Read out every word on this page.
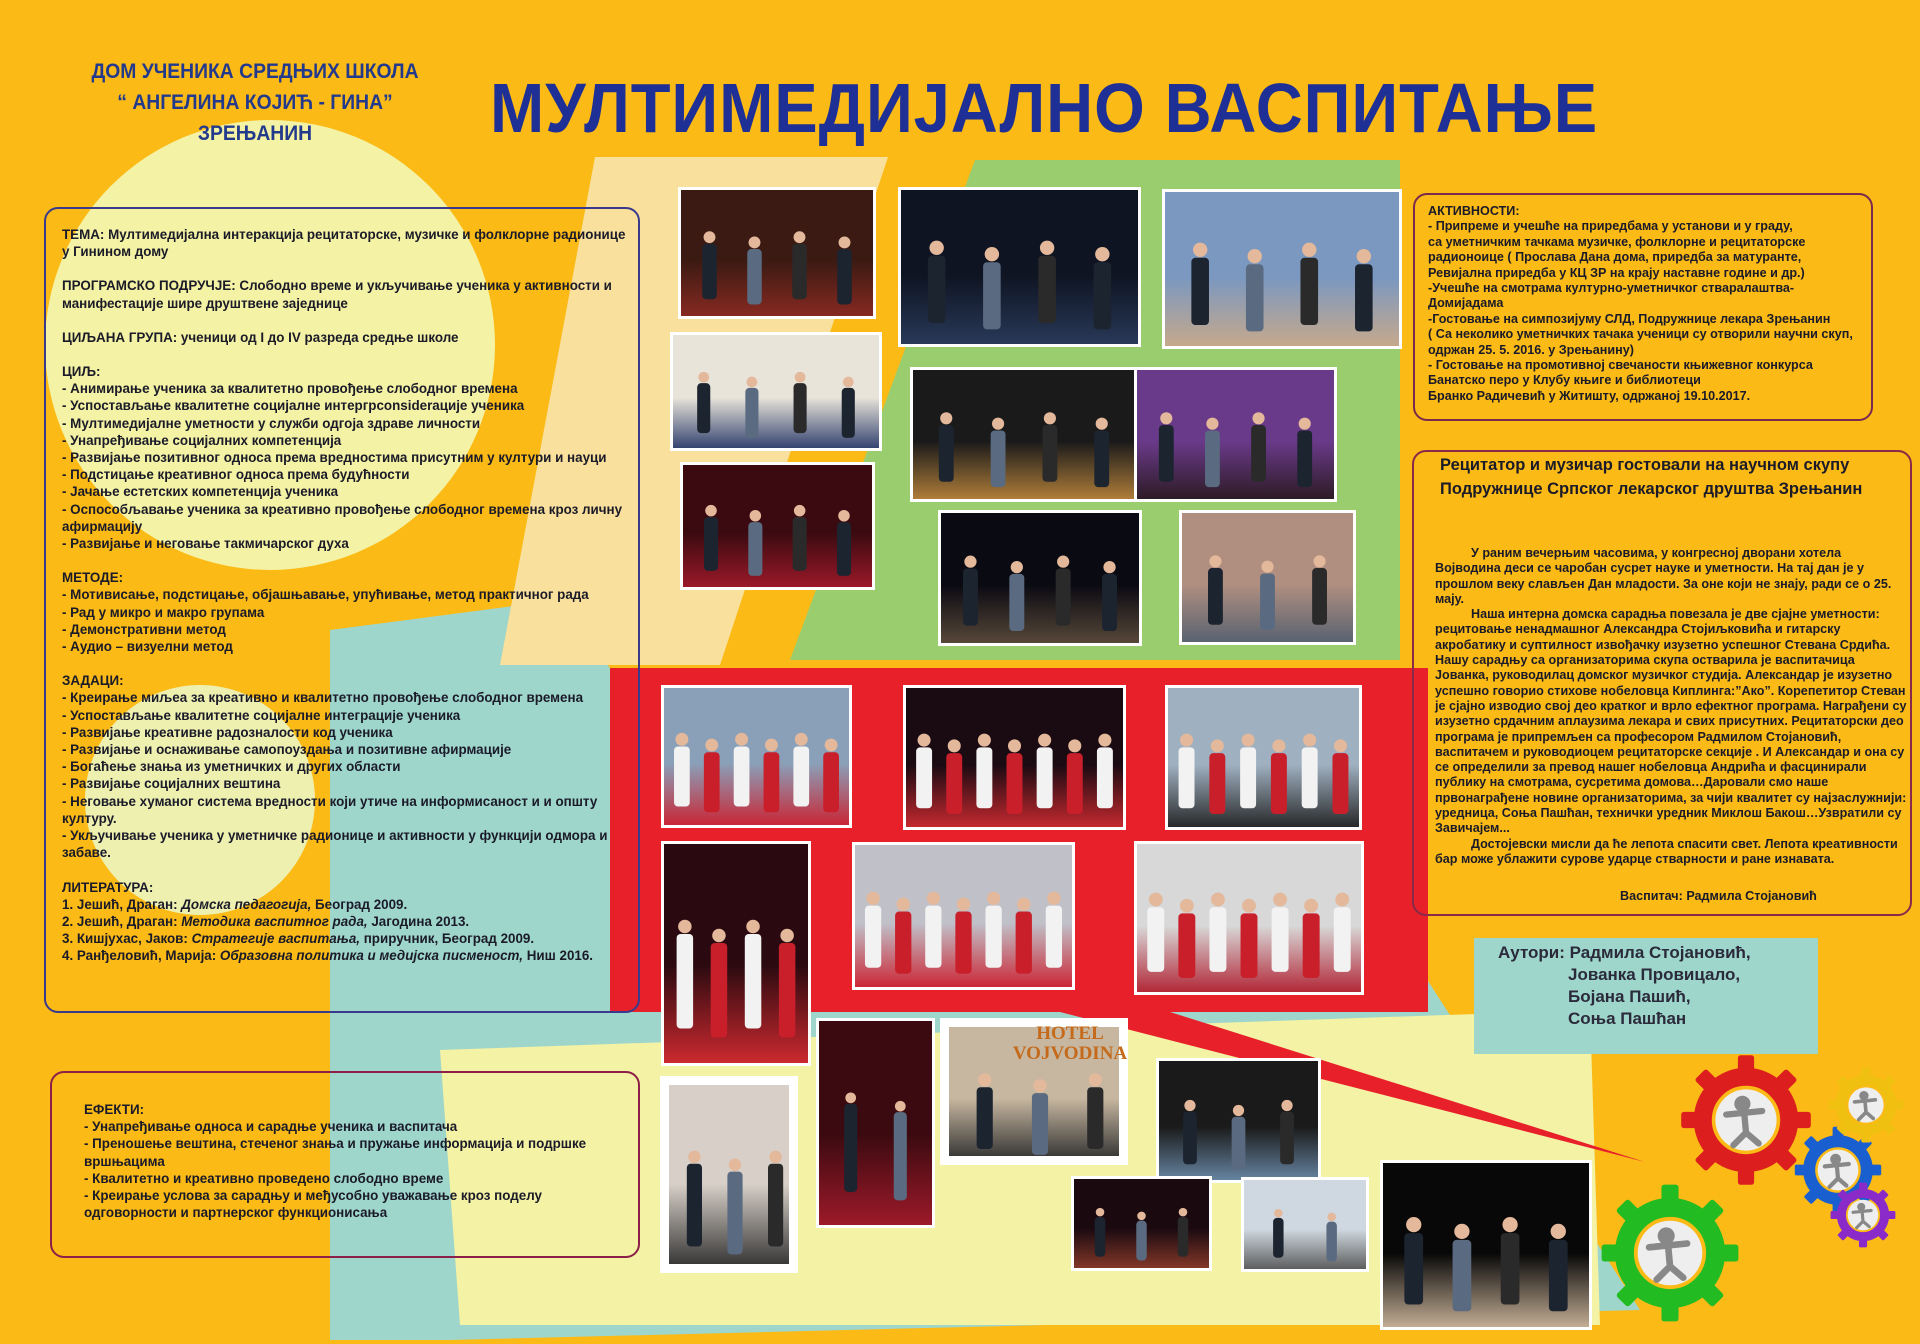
ДОМ УЧЕНИКА СРЕДЊИХ ШКОЛА
“ АНГЕЛИНА КОЈИЋ - ГИНА”
ЗРЕЊАНИН	МУЛТИМЕДИЈАЛНО ВАСПИТАЊЕ

ТЕМА: Мултимедијална интеракција рецитаторске, музичке и фолклорне радионице у Гинином дому

ПРОГРАМСКО ПОДРУЧЈЕ: Слободно време и укључивање ученика у активности и манифестације шире друштвене заједнице

ЦИЉАНА ГРУПА: ученици од I до IV разреда средње школе

ЦИЉ:

- Анимирање ученика за квалитетно провођење слободног времена

- Успостављање квалитетне социјалне интергрconsiderације ученика

- Мултимедијалне уметности у служби одгоја здраве личности

- Унапређивање социјалних компетенција

- Развијање позитивног односа према вредностима присутним у култури и науци

- Подстицање креативног односа према будућности

- Јачање естетских компетенција ученика

- Оспособљавање ученика за креативно провођење слободног времена кроз личну афирмацију

- Развијање и неговање такмичарског духа

МЕТОДЕ:

- Мотивисање, подстицање, објашњавање, упућивање, метод практичног рада

- Рад у микро и макро групама

- Демонстративни метод

- Аудио – визуелни метод

ЗАДАЦИ:

- Креирање миљеа за креативно и квалитетно провођење слободног времена

- Успостављање квалитетне социјалне интеграције ученика

- Развијање креативне радозналости код ученика

- Развијање и оснаживање самопоуздања и позитивне афирмације

- Богаћење знања из уметничких и других области

- Развијање социјалних вештина

- Неговање хуманог система вредности који утиче на информисаност и и општу културу.

- Укључивање ученика у уметничке радионице и активности у функцији одмора и забаве.

ЛИТЕРАТУРА:

1. Јешић, Драган: Домска педагогија, Београд 2009.

2. Јешић, Драган: Методика васпитног рада, Јагодина 2013.

3. Кишјухас, Јаков: Стратегије васпитања, приручник, Београд 2009.

4. Ранђеловић, Марија: Образовна политика и медијска писменост, Ниш 2016.

ЕФЕКТИ:

- Унапређивање односа и сарадње ученика и васпитача

- Преношење вештина, стеченог знања и пружање информација и подршке вршњацима

- Квалитетно и креативно проведено слободно време

- Креирање услова за сарадњу и међусобно уважавање кроз поделу одговорности и партнерског функционисања

АКТИВНОСТИ:

- Припреме и учешће на приредбама у установи и у граду,

са уметничким тачкама музичке, фолклорне и рецитаторске радионоице ( Прослава Дана дома, приредба за матуранте, Ревијална приредба у КЦ ЗР на крају наставне године и др.)

-Учешће на смотрама културно-уметничког стваралаштва- Домијадама

-Гостовање на симпозијуму СЛД, Подружнице лекара Зрењанин

( Са неколико уметничких тачака ученици су отворили научни скуп, одржан 25. 5. 2016. у Зрењанину)

- Гостовање на промотивној свечаности књижевног конкурса Банатско перо у Клубу књиге и библиотеци

Бранко Радичевић у Житишту, одржаној 19.10.2017.

Рецитатор и музичар гостовали на научном скупу Подружнице Српског лекарског друштва Зрењанин

У раним вечерњим часовима, у конгресној дворани хотела Војводина деси се чаробан сусрет науке и уметности. На тај дан је у прошлом веку слављен Дан младости. За оне који не знају, ради се о 25. мају.

Наша интерна домска сарадња повезала је две сјајне уметности: рецитовање ненадмашног Александра Стојиљковића и гитарску акробатику и суптилност извођачку изузетно успешног Стевана Срдића. Нашу сарадњу са организаторима скупа остварила је васпитачица Јованка, руководилац домског музичког студија. Александар је изузетно успешно говорио стихове нобеловца Киплинга:”Ако”. Корепетитор Стеван је сјајно изводио свој део кратког и врло ефектног програма. Награђени су изузетно срдачним аплаузима лекара и свих присутних. Рецитаторски део програма је припремљен са професором Радмилом Стојановић, васпитачем и руководиоцем рецитаторске секције . И Александар и она су се определили за превод нашег нобеловца Андрића и фасцинирали публику на смотрама, сусретима домова…Даровали смо наше првонаграђене новине организаторима, за чији квалитет су најзаслужнији: уредница, Соња Пашћан, технички уредник Миклош Бакош…Узвратили су Завичајем...

Достојевски мисли да ће лепота спасити свет. Лепота креативности бар може ублажити сурове ударце стварности и ране изнавата.

Васпитач: Радмила Стојановић
Аутори: Радмила Стојановић,
Јованка Провицало,
Бојана Пашић,
Соња Пашћан
HOTEL VOJVODINA
